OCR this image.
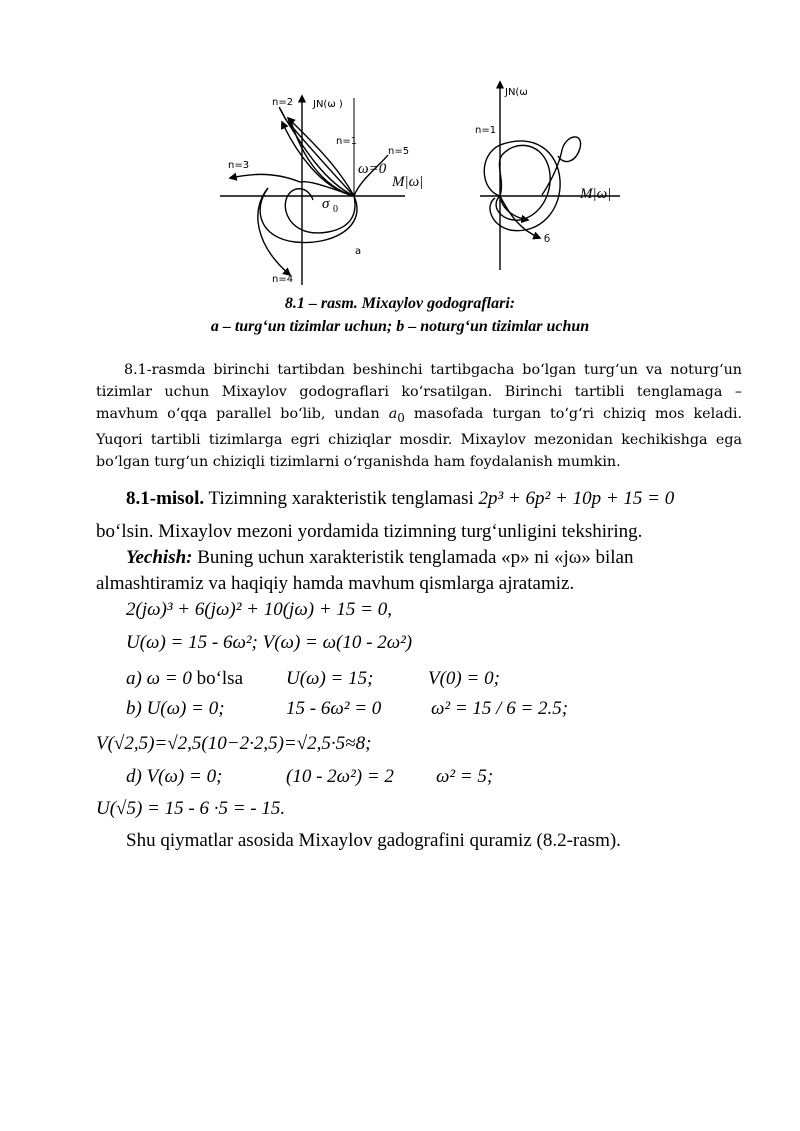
JN(ω )
n=2
n=1
n=5
n=3
n=4
ω=0
M|ω|
σ 0
a
JN(ω
n=1
M|ω|
б
8.1 – rasm. Mixaylov godograflari:
a – turg‘un tizimlar uchun; b – noturg‘un tizimlar uchun
8.1-rasmda birinchi tartibdan beshinchi tartibgacha bo‘lgan turg‘un va noturg‘un tizimlar uchun Mixaylov godograflari ko‘rsatilgan. Birinchi tartibli tenglamaga – mavhum o‘qqa parallel bo‘lib, undan $a_0$ masofada turgan to‘g‘ri chiziq mos keladi. Yuqori tartibli tizimlarga egri chiziqlar mosdir. Mixaylov mezonidan kechikishga ega bo‘lgan turg‘un chiziqli tizimlarni o‘rganishda ham foydalanish mumkin.
8.1-misol. Tizimning xarakteristik tenglamasi 2p³ + 6p² + 10p + 15 = 0
bo‘lsin. Mixaylov mezoni yordamida tizimning turg‘unligini tekshiring.
Yechish: Buning uchun xarakteristik tenglamada «p» ni «jω» bilan
almashtiramiz va haqiqiy hamda mavhum qismlarga ajratamiz.
2(jω)³ + 6(jω)² + 10(jω) + 15 = 0,
U(ω) = 15 - 6ω²; V(ω) = ω(10 - 2ω²)
a) ω = 0 bo‘lsa U(ω) = 15;	V(0) = 0;
b) U(ω) = 0;	15 - 6ω² = 0	ω² = 15 / 6 = 2.5;
V(√2,5)=√2,5(10−2·2,5)=√2,5·5≈8;
d) V(ω) = 0;	(10 - 2ω²) = 2 ω² = 5;
U(√5) = 15 - 6 ·5 = - 15.
Shu qiymatlar asosida Mixaylov gadografini quramiz (8.2-rasm).
